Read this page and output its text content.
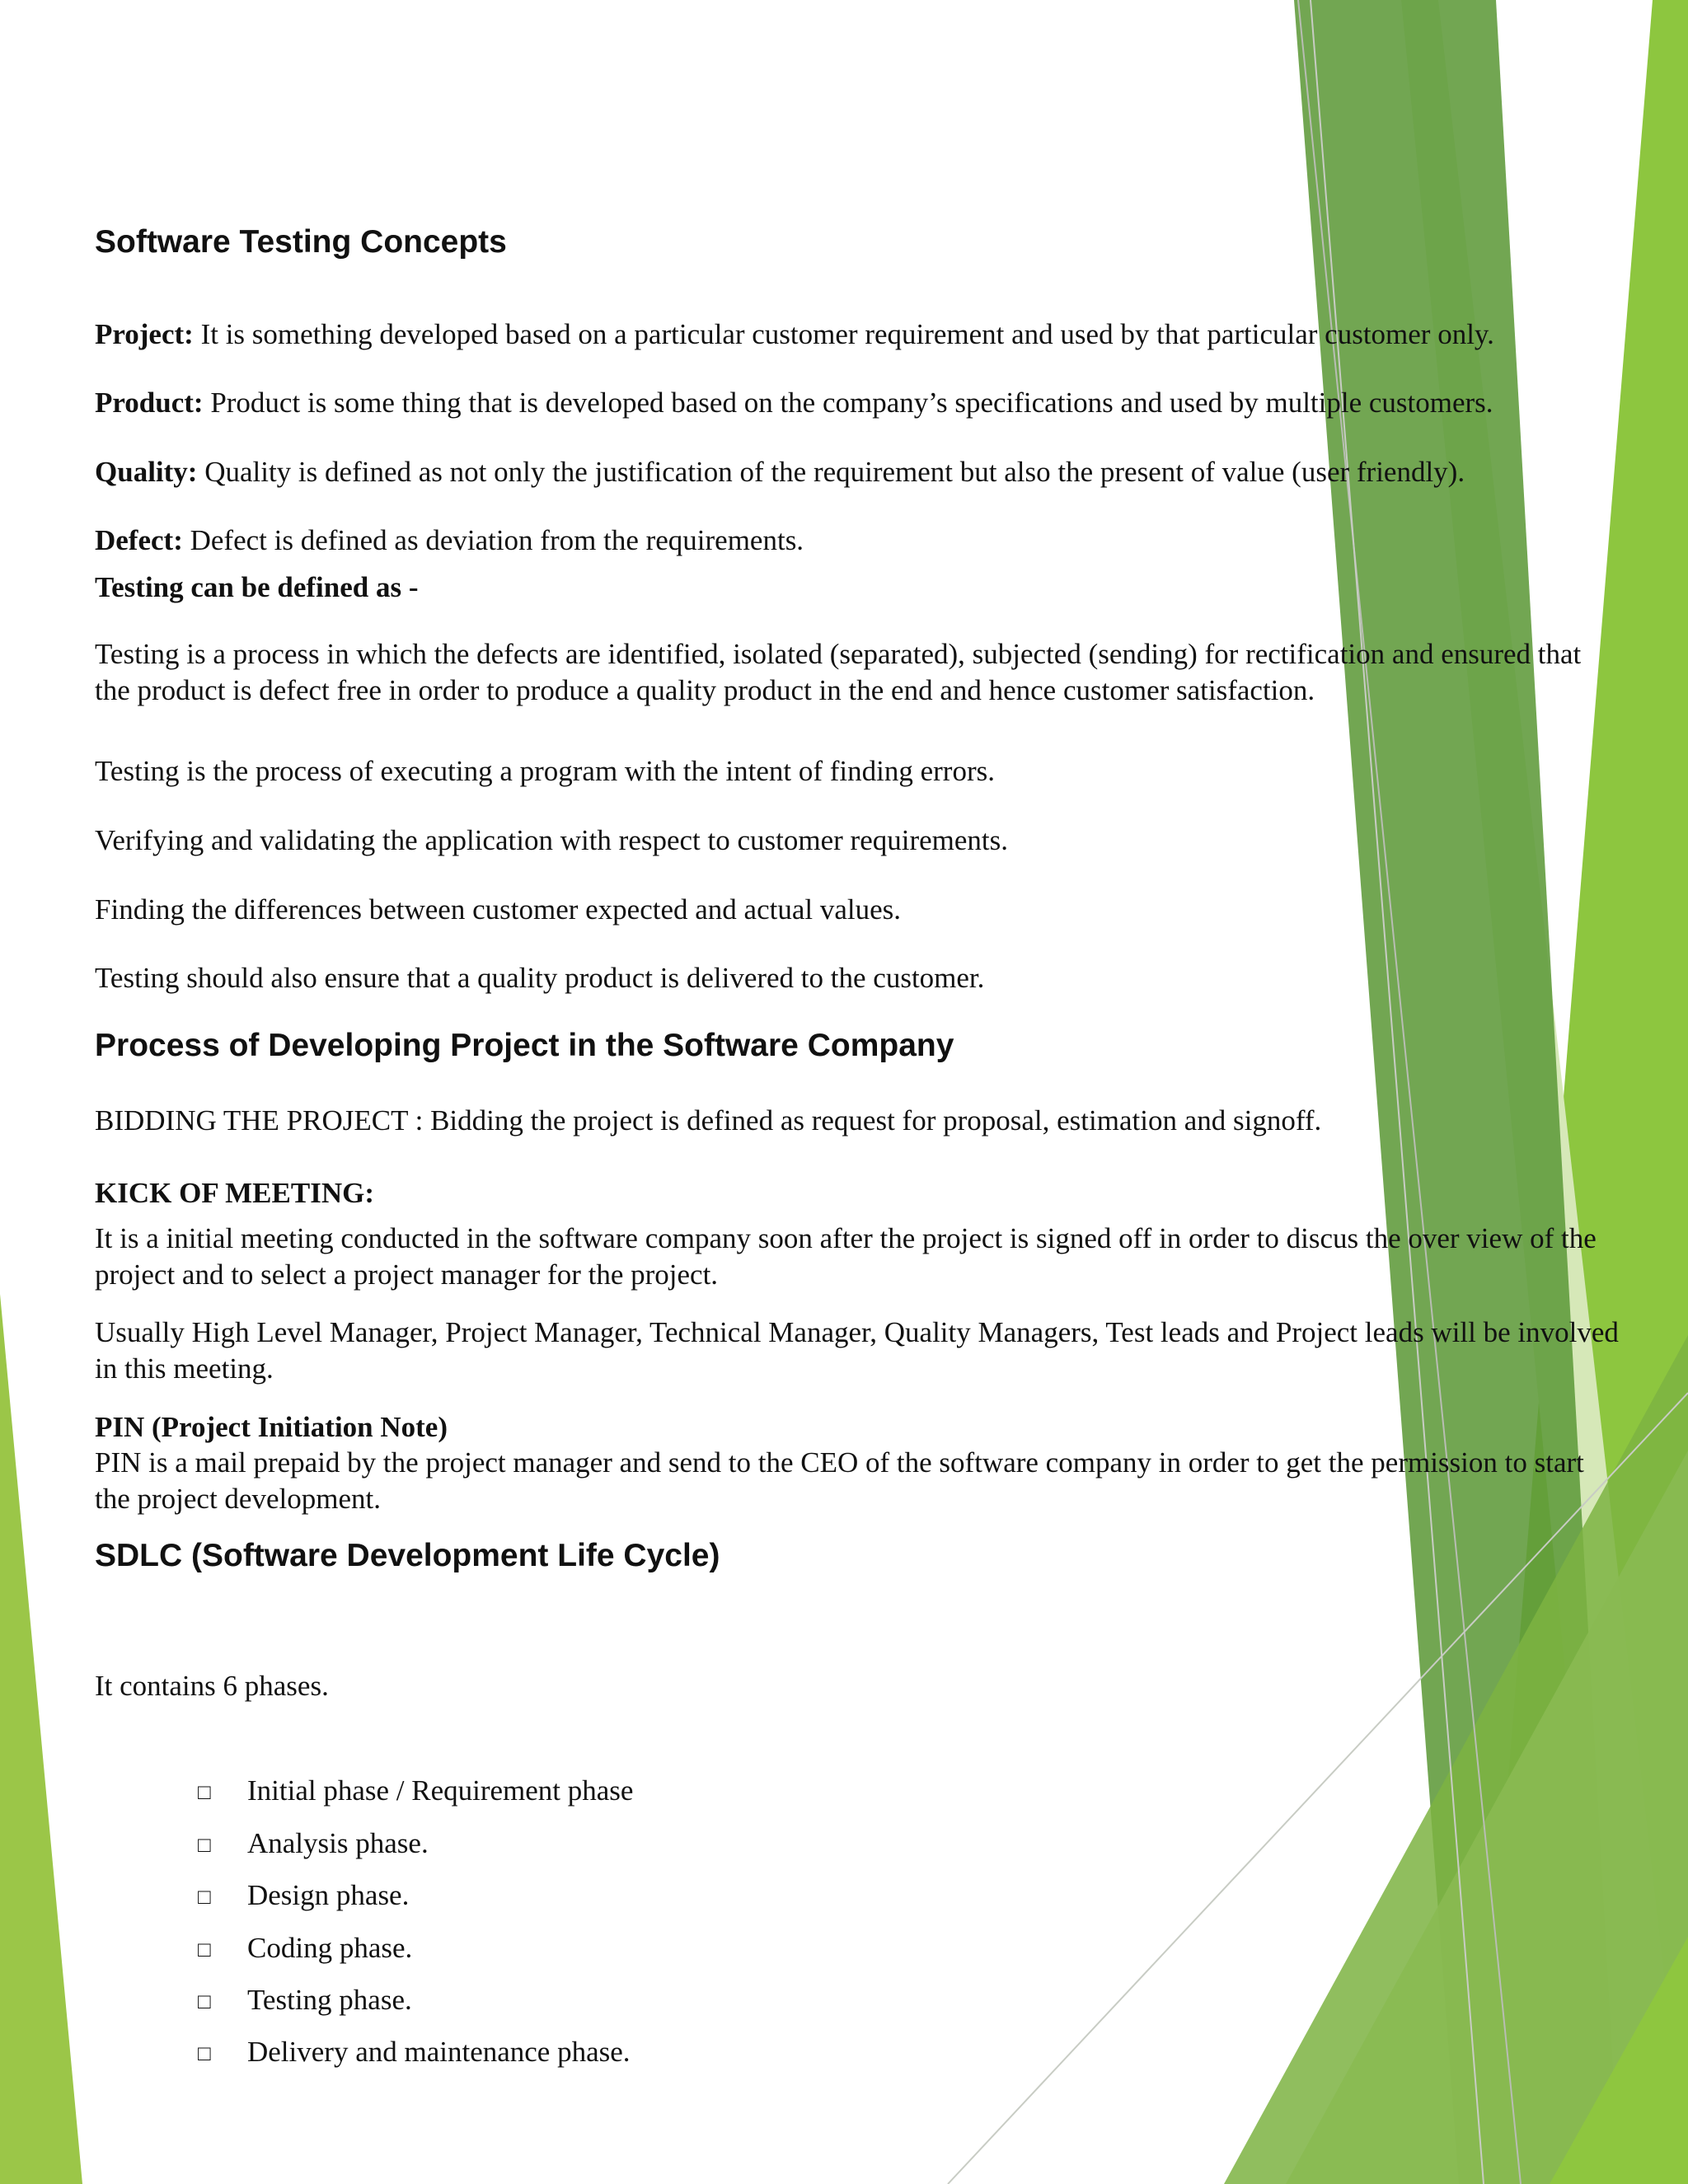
Software Testing Concepts

Project: It is something developed based on a particular customer requirement and used by that particular customer only.

Product: Product is some thing that is developed based on the company’s specifications and used by multiple customers.

Quality: Quality is defined as not only the justification of the requirement but also the present of value (user friendly).

Defect: Defect is defined as deviation from the requirements.

Testing can be defined as -

Testing is a process in which the defects are identified, isolated (separated), subjected (sending) for rectification and ensured that the product is defect free in order to produce a quality product in the end and hence customer satisfaction.

Testing is the process of executing a program with the intent of finding errors.

Verifying and validating the application with respect to customer requirements.

Finding the differences between customer expected and actual values.

Testing should also ensure that a quality product is delivered to the customer.

Process of Developing Project in the Software Company

BIDDING THE PROJECT : Bidding the project is defined as request for proposal, estimation and signoff.

KICK OF MEETING:

It is a initial meeting conducted in the software company soon after the project is signed off in order to discus the over view of the project and to select a project manager for the project.

Usually High Level Manager, Project Manager, Technical Manager, Quality Managers, Test leads and Project leads will be involved in this meeting.

PIN (Project Initiation Note)

PIN is a mail prepaid by the project manager and send to the CEO of the software company in order to get the permission to start the project development.

SDLC (Software Development Life Cycle)

It contains 6 phases.

□ Initial phase / Requirement phase

□ Analysis phase.

□ Design phase.

□ Coding phase.

□ Testing phase.

□ Delivery and maintenance phase.
